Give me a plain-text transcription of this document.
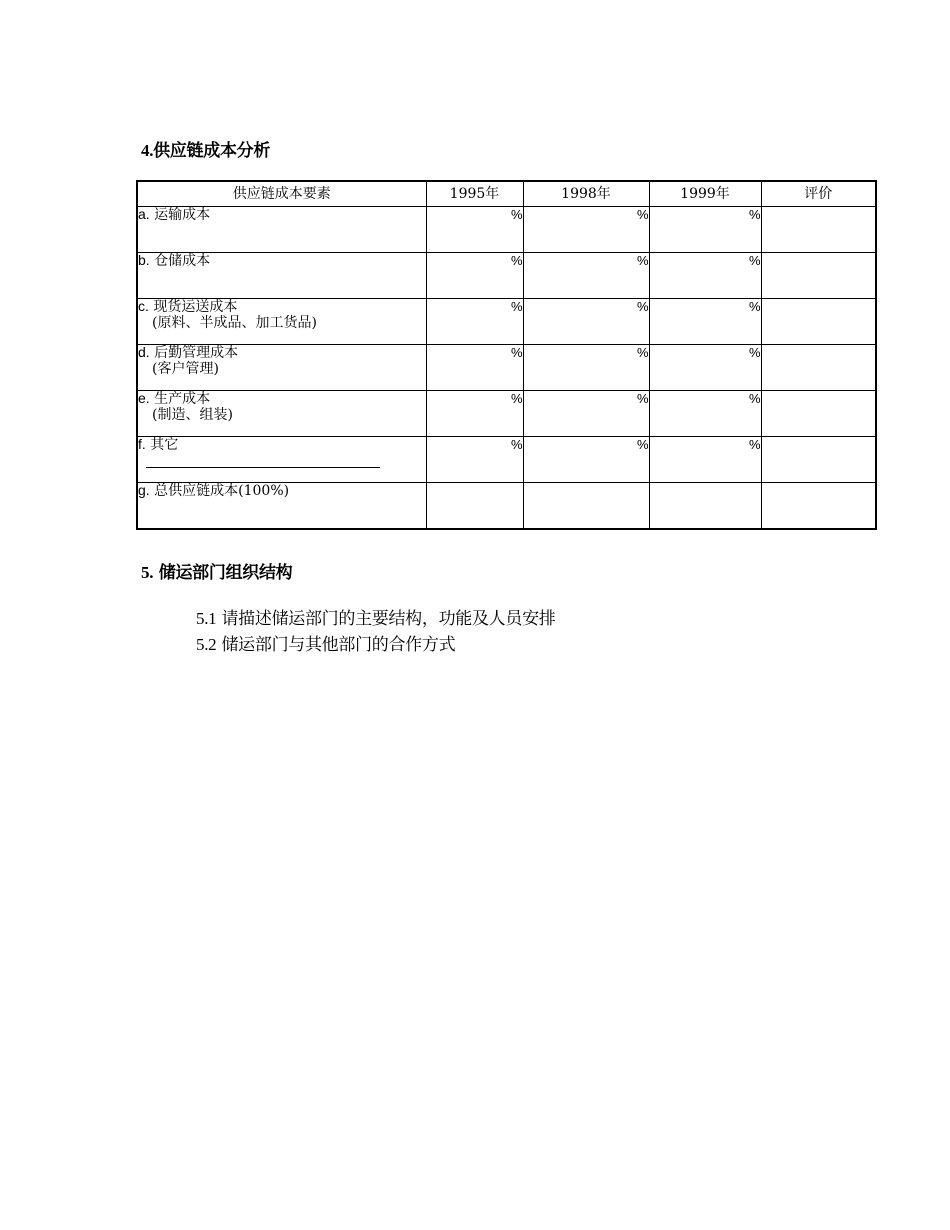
4.供应链成本分析
供应链成本要素	1995年	1998年	1999年	评价

a. 运输成本	%	%	%	

b. 仓储成本	%	%	%	

c. 现货运送成本
(原料、半成品、加工货品)	%	%	%	

d. 后勤管理成本
(客户管理)	%	%	%	

e. 生产成本
(制造、组装)	%	%	%	

f. 其它	%	%	%	

g. 总供应链成本(100%)				

5. 储运部门组织结构
5.1 请描述储运部门的主要结构，功能及人员安排
5.2 储运部门与其他部门的合作方式
